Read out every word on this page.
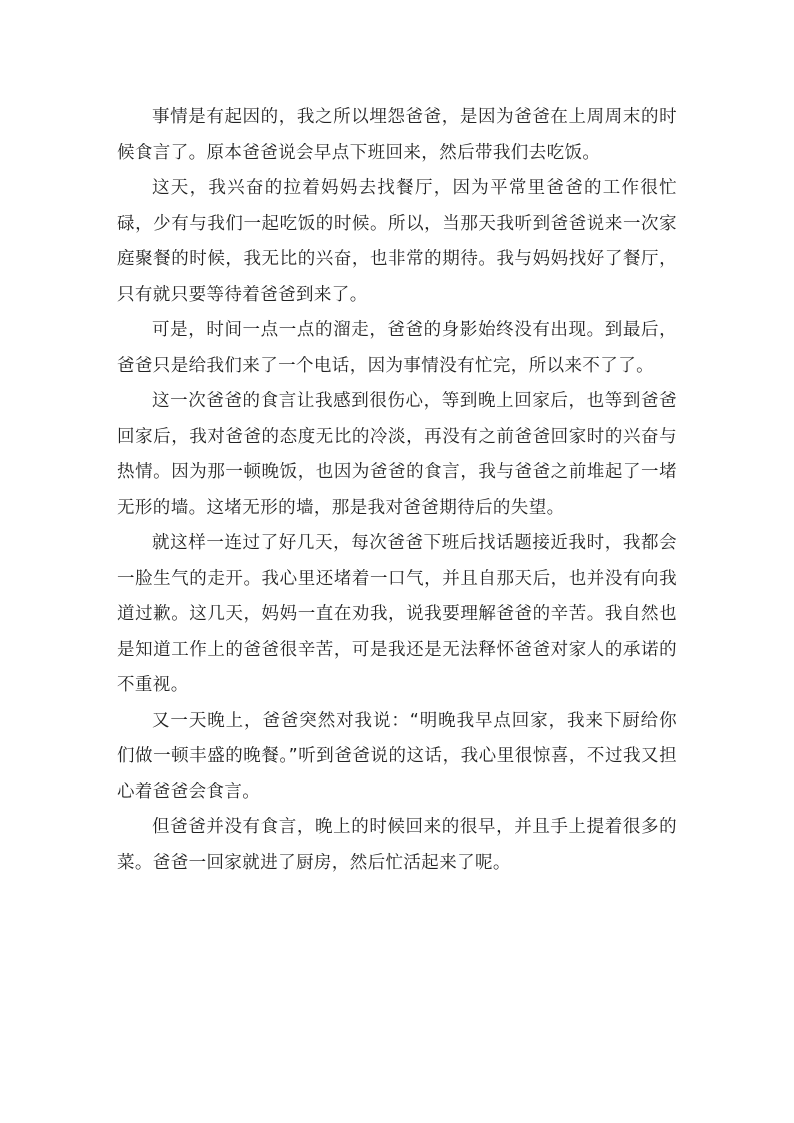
事情是有起因的，我之所以埋怨爸爸，是因为爸爸在上周周末的时候食言了。原本爸爸说会早点下班回来，然后带我们去吃饭。

这天，我兴奋的拉着妈妈去找餐厅，因为平常里爸爸的工作很忙碌，少有与我们一起吃饭的时候。所以，当那天我听到爸爸说来一次家庭聚餐的时候，我无比的兴奋，也非常的期待。我与妈妈找好了餐厅，只有就只要等待着爸爸到来了。

可是，时间一点一点的溜走，爸爸的身影始终没有出现。到最后，爸爸只是给我们来了一个电话，因为事情没有忙完，所以来不了了。

这一次爸爸的食言让我感到很伤心，等到晚上回家后，也等到爸爸回家后，我对爸爸的态度无比的冷淡，再没有之前爸爸回家时的兴奋与热情。因为那一顿晚饭，也因为爸爸的食言，我与爸爸之前堆起了一堵无形的墙。这堵无形的墙，那是我对爸爸期待后的失望。

就这样一连过了好几天，每次爸爸下班后找话题接近我时，我都会一脸生气的走开。我心里还堵着一口气，并且自那天后，也并没有向我道过歉。这几天，妈妈一直在劝我，说我要理解爸爸的辛苦。我自然也是知道工作上的爸爸很辛苦，可是我还是无法释怀爸爸对家人的承诺的不重视。

又一天晚上，爸爸突然对我说：“明晚我早点回家，我来下厨给你们做一顿丰盛的晚餐。”听到爸爸说的这话，我心里很惊喜，不过我又担心着爸爸会食言。

但爸爸并没有食言，晚上的时候回来的很早，并且手上提着很多的菜。爸爸一回家就进了厨房，然后忙活起来了呢。
